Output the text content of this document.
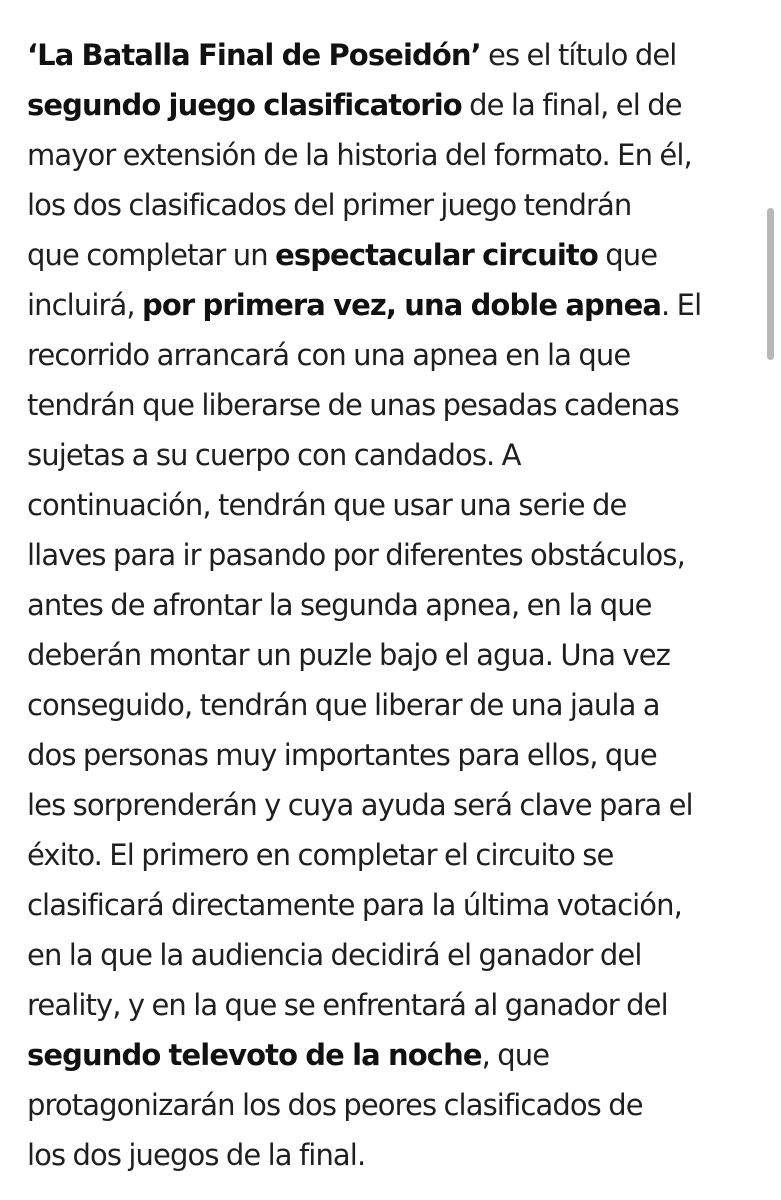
‘La Batalla Final de Poseidón’ es el título del
segundo juego clasificatorio de la final, el de
mayor extensión de la historia del formato. En él,
los dos clasificados del primer juego tendrán
que completar un espectacular circuito que
incluirá, por primera vez, una doble apnea. El
recorrido arrancará con una apnea en la que
tendrán que liberarse de unas pesadas cadenas
sujetas a su cuerpo con candados. A
continuación, tendrán que usar una serie de
llaves para ir pasando por diferentes obstáculos,
antes de afrontar la segunda apnea, en la que
deberán montar un puzle bajo el agua. Una vez
conseguido, tendrán que liberar de una jaula a
dos personas muy importantes para ellos, que
les sorprenderán y cuya ayuda será clave para el
éxito. El primero en completar el circuito se
clasificará directamente para la última votación,
en la que la audiencia decidirá el ganador del
reality, y en la que se enfrentará al ganador del
segundo televoto de la noche, que
protagonizarán los dos peores clasificados de
los dos juegos de la final.
